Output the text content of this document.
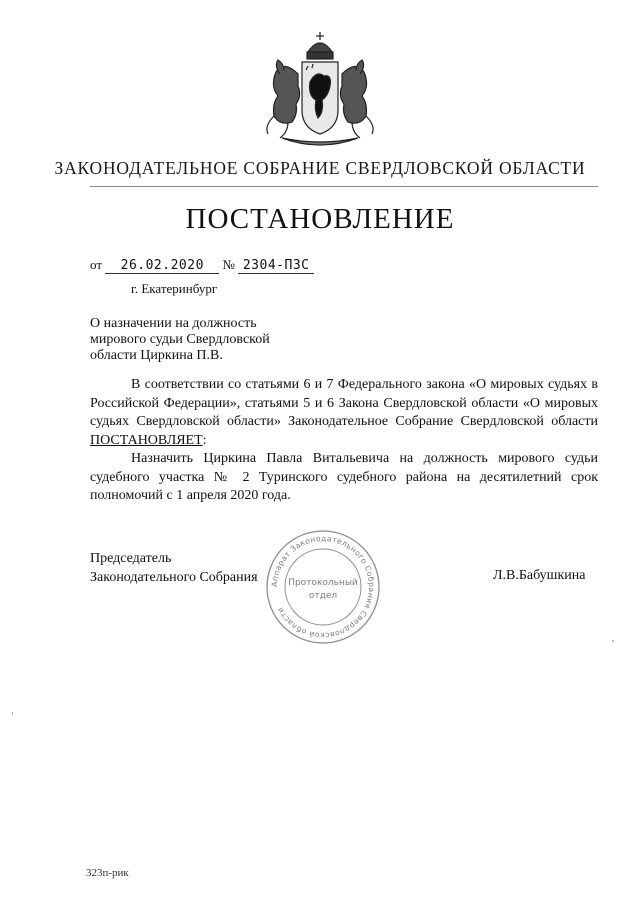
ЗАКОНОДАТЕЛЬНОЕ СОБРАНИЕ СВЕРДЛОВСКОЙ ОБЛАСТИ
ПОСТАНОВЛЕНИЕ
от 26.02.2020 № 2304-ПЗС
г. Екатеринбург
О назначении на должность
мирового судьи Свердловской
области Циркина П.В.
В соответствии со статьями 6 и 7 Федерального закона «О мировых судьях в Российской Федерации», статьями 5 и 6 Закона Свердловской области «О мировых судьях Свердловской области» Законодательное Собрание Свердловской области ПОСТАНОВЛЯЕТ:
Назначить Циркина Павла Витальевича на должность мирового судьи судебного участка № 2 Туринского судебного района на десятилетний срок полномочий с 1 апреля 2020 года.
Председатель
Законодательного Собрания	Л.В.Бабушкина
Аппарат Законодательного Собрания Свердловской области
Протокольный
отдел
323п-рик
